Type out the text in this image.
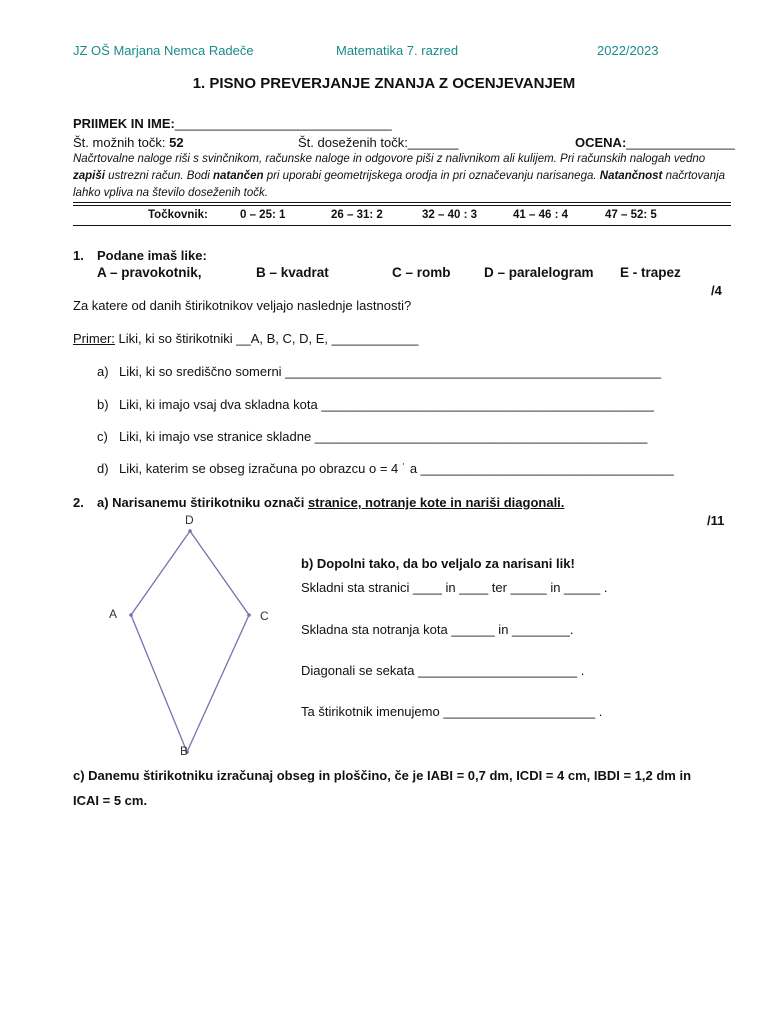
JZ OŠ Marjana Nemca Radeče	Matematika 7. razred	2022/2023
1. PISNO PREVERJANJE ZNANJA Z OCENJEVANJEM
PRIIMEK IN IME:______________________________
Št. možnih točk: 52	Št. doseženih točk:_______	OCENA:_______________
Načrtovalne naloge riši s svinčnikom, računske naloge in odgovore piši z nalivnikom ali kulijem. Pri računskih nalogah vedno zapiši ustrezni račun. Bodi natančen pri uporabi geometrijskega orodja in pri označevanju narisanega. Natančnost načrtovanja lahko vpliva na število doseženih točk.
Točkovnik:	0 – 25: 1	26 – 31: 2	32 – 40 : 3	41 – 46 : 4	47 – 52: 5
1. Podane imaš like:
A – pravokotnik,	B – kvadrat	C – romb D – paralelogram E - trapez
/4
Za katere od danih štirikotnikov veljajo naslednje lastnosti?
Primer: Liki, ki so štirikotniki __A, B, C, D, E, ____________
a) Liki, ki so središčno somerni ____________________________________________________
b) Liki, ki imajo vsaj dva skladna kota ______________________________________________
c) Liki, ki imajo vse stranice skladne ______________________________________________
d) Liki, katerim se obseg izračuna po obrazcu o = 4 ˙ a ___________________________________
2. a) Narisanemu štirikotniku označi stranice, notranje kote in nariši diagonali.
/11
D
A	C
B
b) Dopolni tako, da bo veljalo za narisani lik!
Skladni sta stranici ____ in ____ ter _____ in _____ .
Skladna sta notranja kota ______ in ________.
Diagonali se sekata ______________________ .
Ta štirikotnik imenujemo _____________________ .
c) Danemu štirikotniku izračunaj obseg in ploščino, če je IABI = 0,7 dm, ICDI = 4 cm, IBDI = 1,2 dm in
ICAI = 5 cm.
